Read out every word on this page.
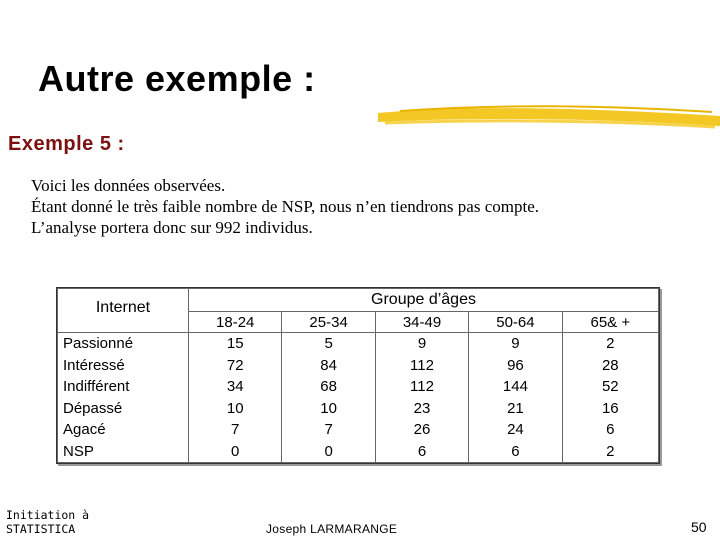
Autre exemple :
Exemple 5 :
Voici les données observées.
Étant donné le très faible nombre de NSP, nous n’en tiendrons pas compte.
L’analyse portera donc sur 992 individus.
Internet	Groupe d’âges				
	18-24	25-34	34-49	50-64	65& +
Passionné	15	5	9	9	2
Intéressé	72	84	112	96	28
Indifférent	34	68	112	144	52
Dépassé	10	10	23	21	16
Agacé	7	7	26	24	6
NSP	0	0	6	6	2
Initiation à
STATISTICA	Joseph LARMARANGE	50
